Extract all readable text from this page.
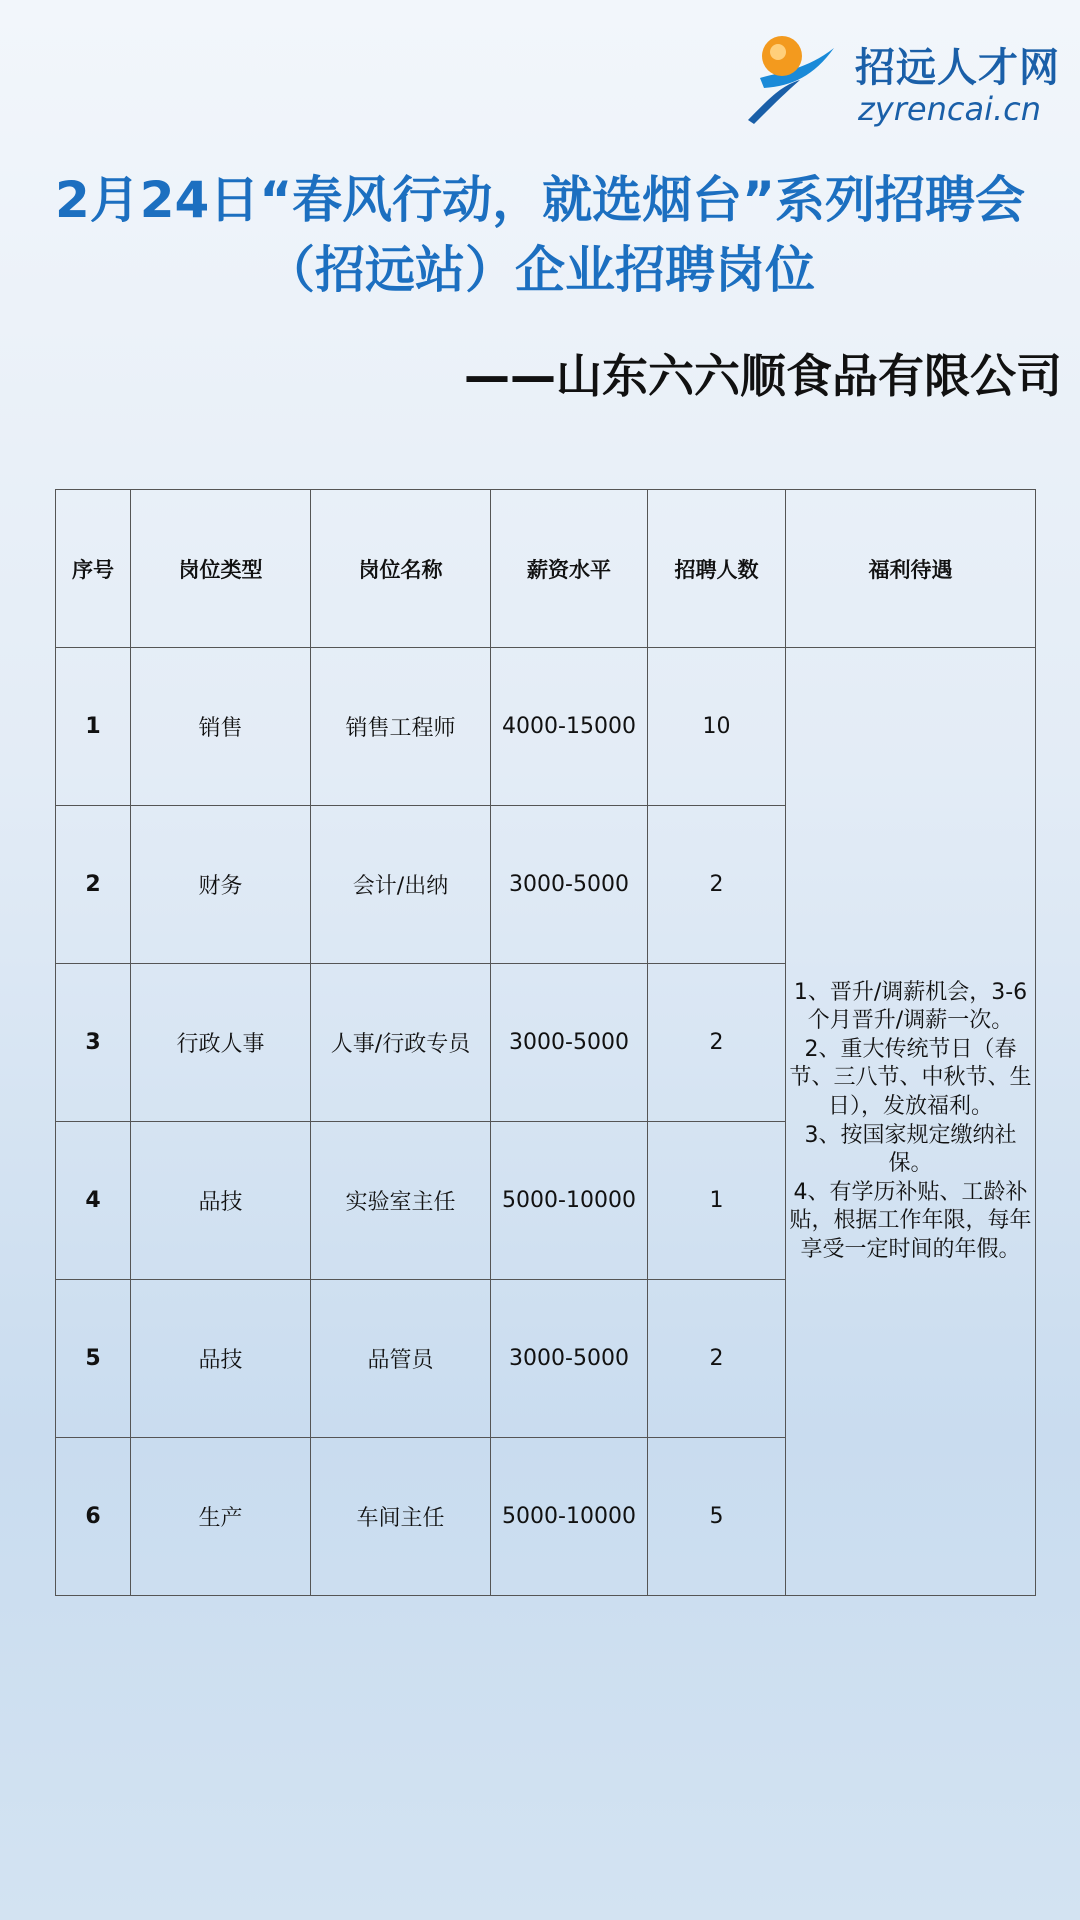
招远人才网
zyrencai.cn
2月24日“春风行动，就选烟台”系列招聘会
（招远站）企业招聘岗位
——山东六六顺食品有限公司
序号	岗位类型	岗位名称	薪资水平	招聘人数	福利待遇
1	销售	销售工程师	4000-15000	10	1、晋升/调薪机会，3-6个月晋升/调薪一次。
2、重大传统节日（春节、三八节、中秋节、生日），发放福利。
3、按国家规定缴纳社保。
4、有学历补贴、工龄补贴，根据工作年限，每年享受一定时间的年假。
2	财务	会计/出纳	3000-5000	2	
3	行政人事	人事/行政专员	3000-5000	2	
4	品技	实验室主任	5000-10000	1	
5	品技	品管员	3000-5000	2	
6	生产	车间主任	5000-10000	5	
